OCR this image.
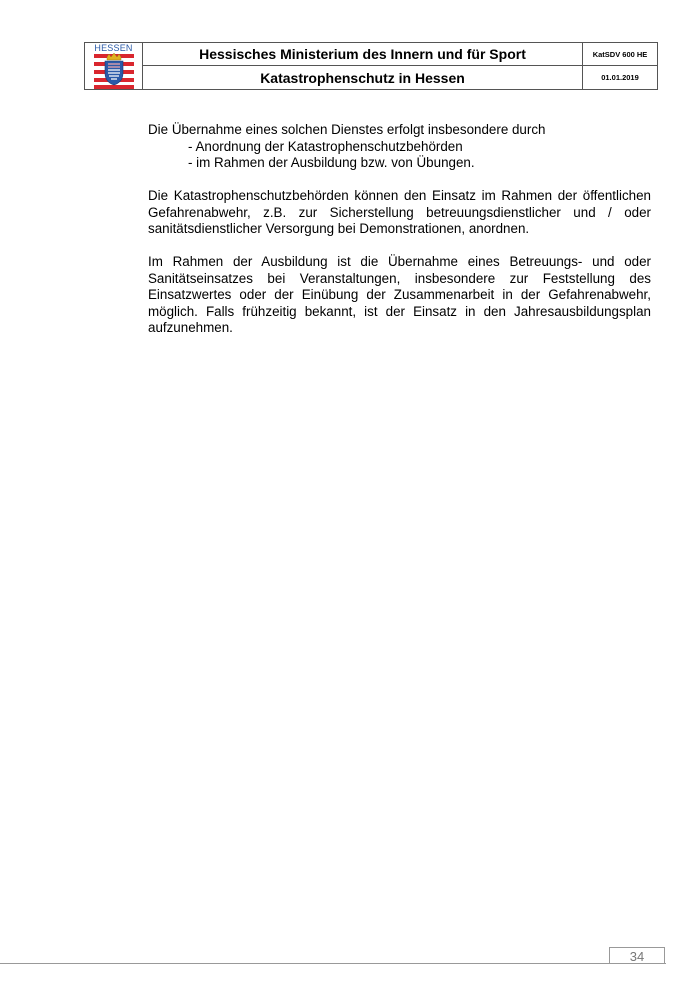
HESSEN	Hessisches Ministerium des Innern und für Sport	KatSDV 600 HE
Katastrophenschutz in Hessen	01.01.2019

Die Übernahme eines solchen Dienstes erfolgt insbesondere durch

- Anordnung der Katastrophenschutzbehörden

- im Rahmen der Ausbildung bzw. von Übungen.

Die Katastrophenschutzbehörden können den Einsatz im Rahmen der öffentlichen Gefahrenabwehr, z.B. zur Sicherstellung betreuungsdienstlicher und / oder sanitätsdienstlicher Versorgung bei Demonstrationen, anordnen.

Im Rahmen der Ausbildung ist die Übernahme eines Betreuungs- und oder Sanitätseinsatzes bei Veranstaltungen, insbesondere zur Feststellung des Einsatzwertes oder der Einübung der Zusammenarbeit in der Gefahrenabwehr, möglich. Falls frühzeitig bekannt, ist der Einsatz in den Jahresausbildungsplan aufzunehmen.

34
